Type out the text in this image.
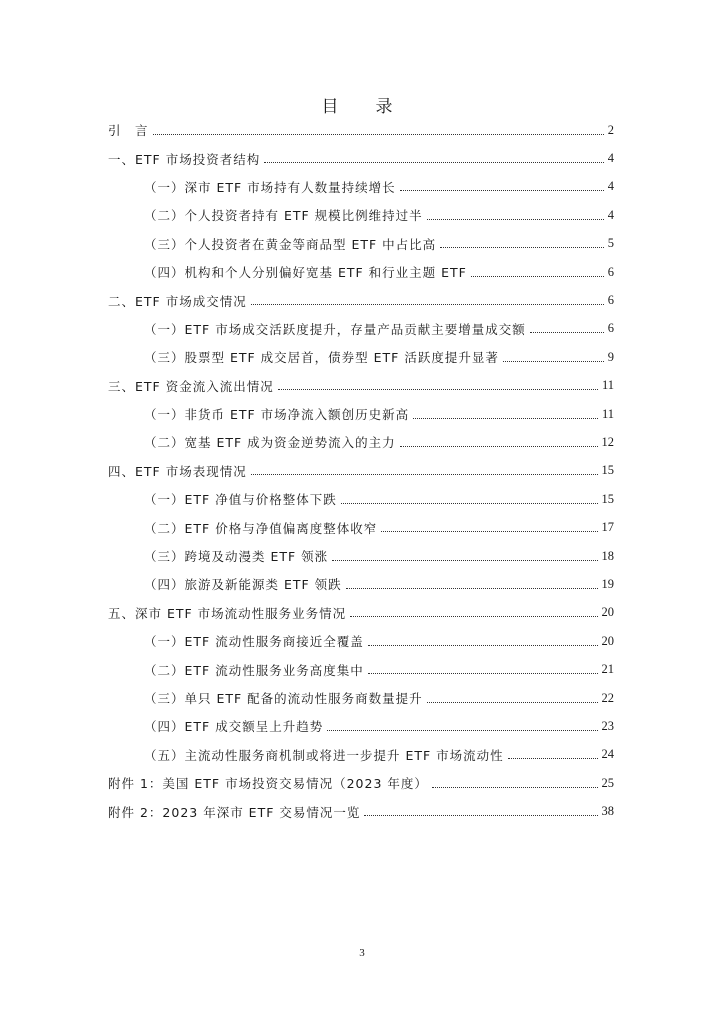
目　录
引　言	2
一、ETF 市场投资者结构	4
（一）深市 ETF 市场持有人数量持续增长	4
（二）个人投资者持有 ETF 规模比例维持过半	4
（三）个人投资者在黄金等商品型 ETF 中占比高	5
（四）机构和个人分别偏好宽基 ETF 和行业主题 ETF	6
二、ETF 市场成交情况	6
（一）ETF 市场成交活跃度提升，存量产品贡献主要增量成交额	6
（三）股票型 ETF 成交居首，债券型 ETF 活跃度提升显著	9
三、ETF 资金流入流出情况	11
（一）非货币 ETF 市场净流入额创历史新高	11
（二）宽基 ETF 成为资金逆势流入的主力	12
四、ETF 市场表现情况	15
（一）ETF 净值与价格整体下跌	15
（二）ETF 价格与净值偏离度整体收窄	17
（三）跨境及动漫类 ETF 领涨	18
（四）旅游及新能源类 ETF 领跌	19
五、深市 ETF 市场流动性服务业务情况	20
（一）ETF 流动性服务商接近全覆盖	20
（二）ETF 流动性服务业务高度集中	21
（三）单只 ETF 配备的流动性服务商数量提升	22
（四）ETF 成交额呈上升趋势	23
（五）主流动性服务商机制或将进一步提升 ETF 市场流动性	24
附件 1：美国 ETF 市场投资交易情况（2023 年度）	25
附件 2：2023 年深市 ETF 交易情况一览	38
3
